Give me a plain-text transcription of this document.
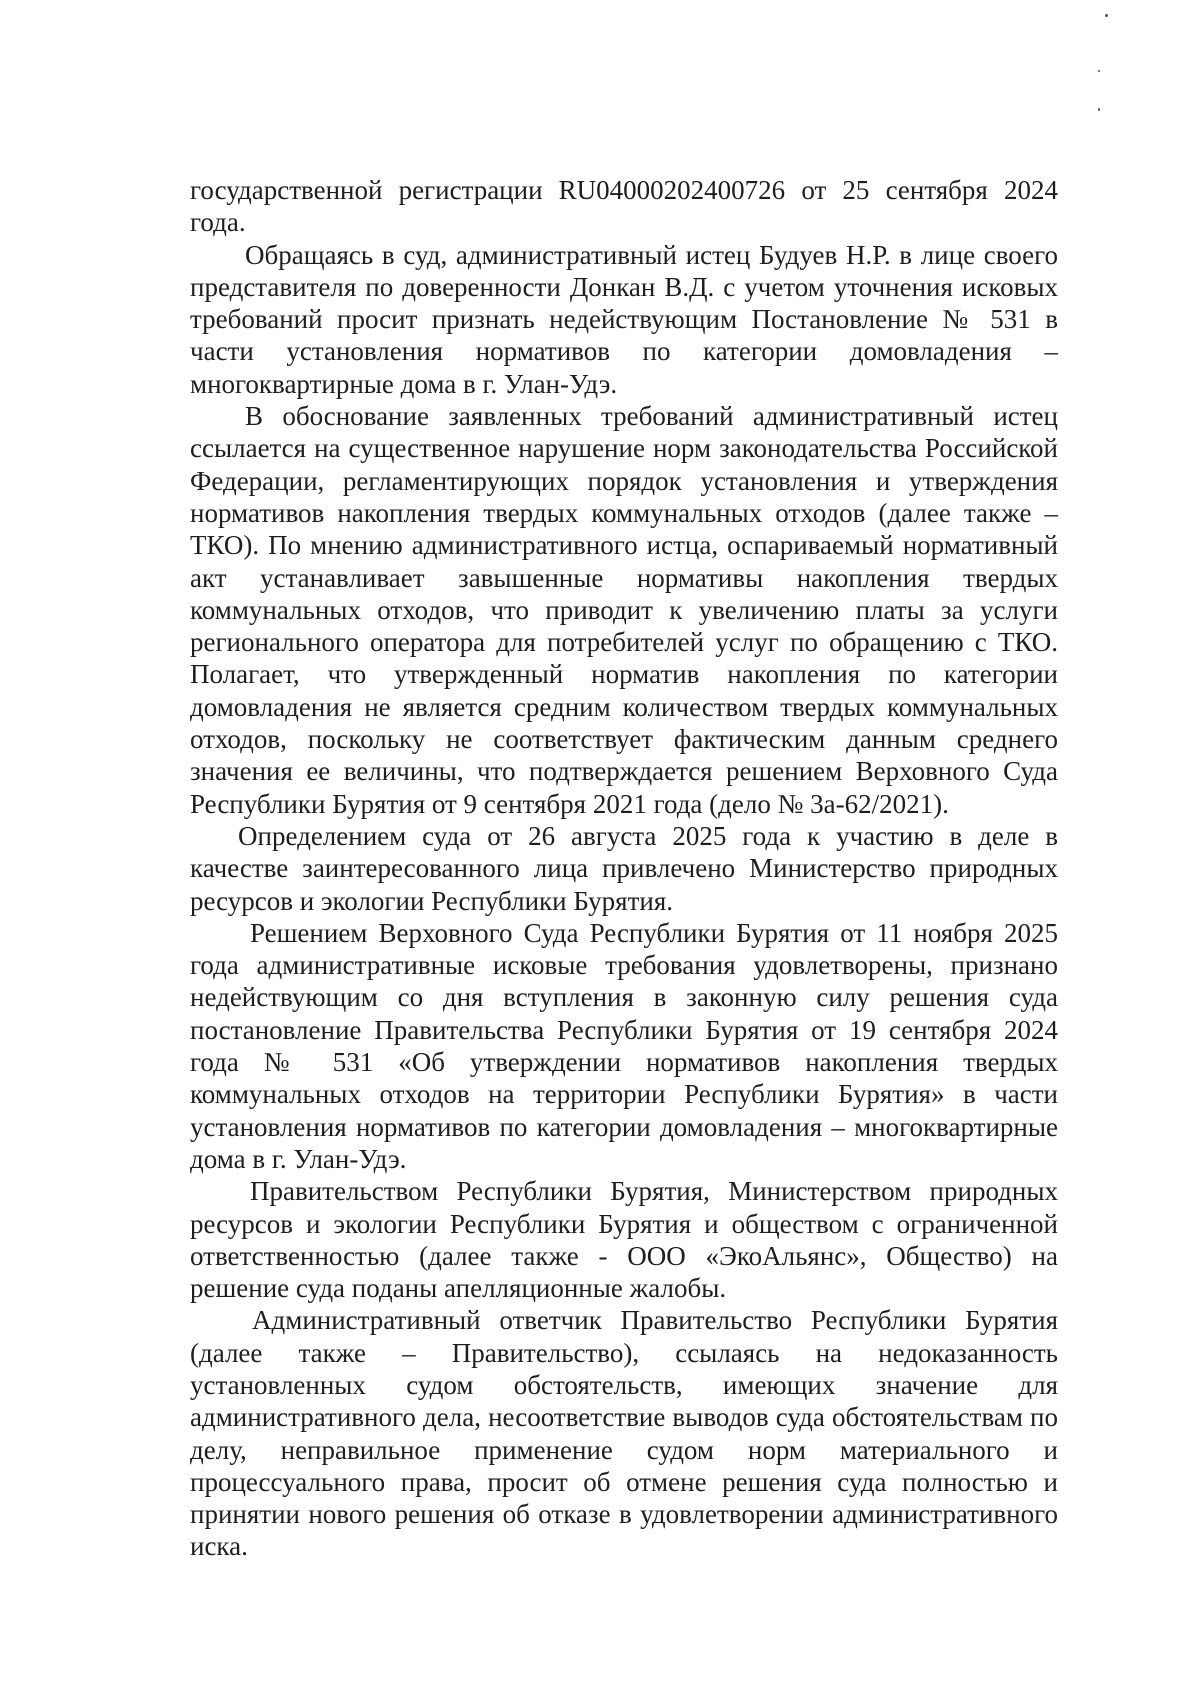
государственной регистрации RU04000202400726 от 25 сентября 2024 года.

Обращаясь в суд, административный истец Будуев Н.Р. в лице своего представителя по доверенности Донкан В.Д. с учетом уточнения исковых требований просит признать недействующим Постановление № 531 в части установления нормативов по категории домовладения – многоквартирные дома в г. Улан-Удэ.

В обоснование заявленных требований административный истец ссылается на существенное нарушение норм законодательства Российской Федерации, регламентирующих порядок установления и утверждения нормативов накопления твердых коммунальных отходов (далее также – ТКО). По мнению административного истца, оспариваемый нормативный акт устанавливает завышенные нормативы накопления твердых коммунальных отходов, что приводит к увеличению платы за услуги регионального оператора для потребителей услуг по обращению с ТКО. Полагает, что утвержденный норматив накопления по категории домовладения не является средним количеством твердых коммунальных отходов, поскольку не соответствует фактическим данным среднего значения ее величины, что подтверждается решением Верховного Суда Республики Бурятия от 9 сентября 2021 года (дело № 3а-62/2021).

Определением суда от 26 августа 2025 года к участию в деле в качестве заинтересованного лица привлечено Министерство природных ресурсов и экологии Республики Бурятия.

Решением Верховного Суда Республики Бурятия от 11 ноября 2025 года административные исковые требования удовлетворены, признано недействующим со дня вступления в законную силу решения суда постановление Правительства Республики Бурятия от 19 сентября 2024 года № 531 «Об утверждении нормативов накопления твердых коммунальных отходов на территории Республики Бурятия» в части установления нормативов по категории домовладения – многоквартирные дома в г. Улан-Удэ.

Правительством Республики Бурятия, Министерством природных ресурсов и экологии Республики Бурятия и обществом с ограниченной ответственностью (далее также - ООО «ЭкоАльянс», Общество) на решение суда поданы апелляционные жалобы.

Административный ответчик Правительство Республики Бурятия (далее также – Правительство), ссылаясь на недоказанность установленных судом обстоятельств, имеющих значение для административного дела, несоответствие выводов суда обстоятельствам по делу, неправильное применение судом норм материального и процессуального права, просит об отмене решения суда полностью и принятии нового решения об отказе в удовлетворении административного иска.
